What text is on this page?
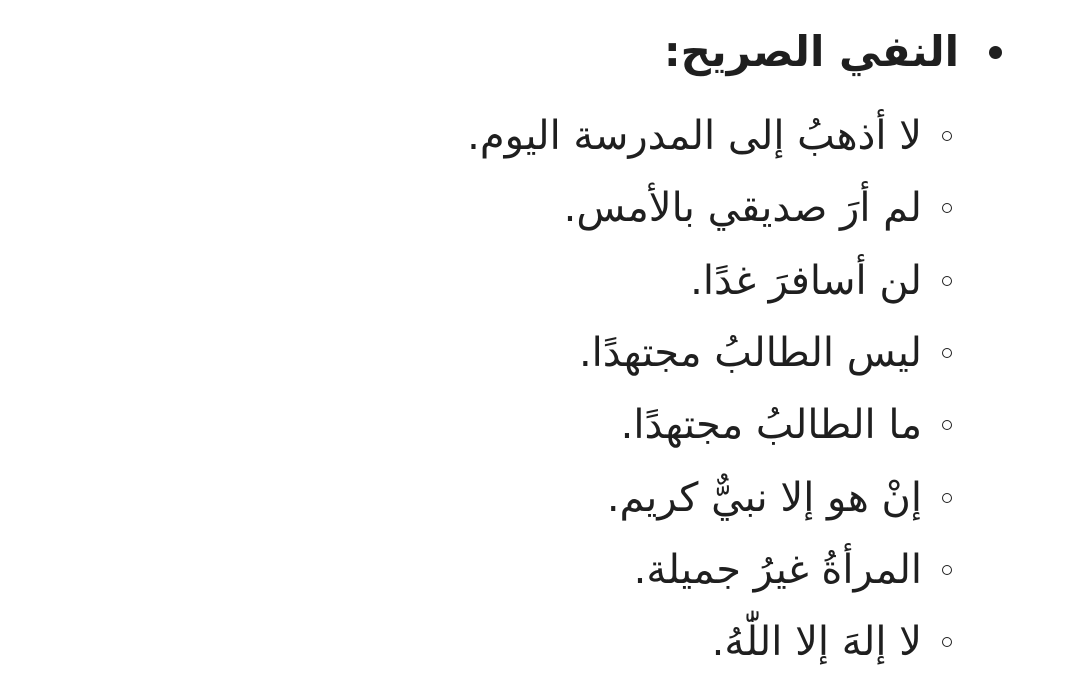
النفي الصريح:
لا أذهبُ إلى المدرسة اليوم.
لم أرَ صديقي بالأمس.
لن أسافرَ غدًا.
ليس الطالبُ مجتهدًا.
ما الطالبُ مجتهدًا.
إنْ هو إلا نبيٌّ كريم.
المرأةُ غيرُ جميلة.
لا إلهَ إلا اللّٰهُ.
